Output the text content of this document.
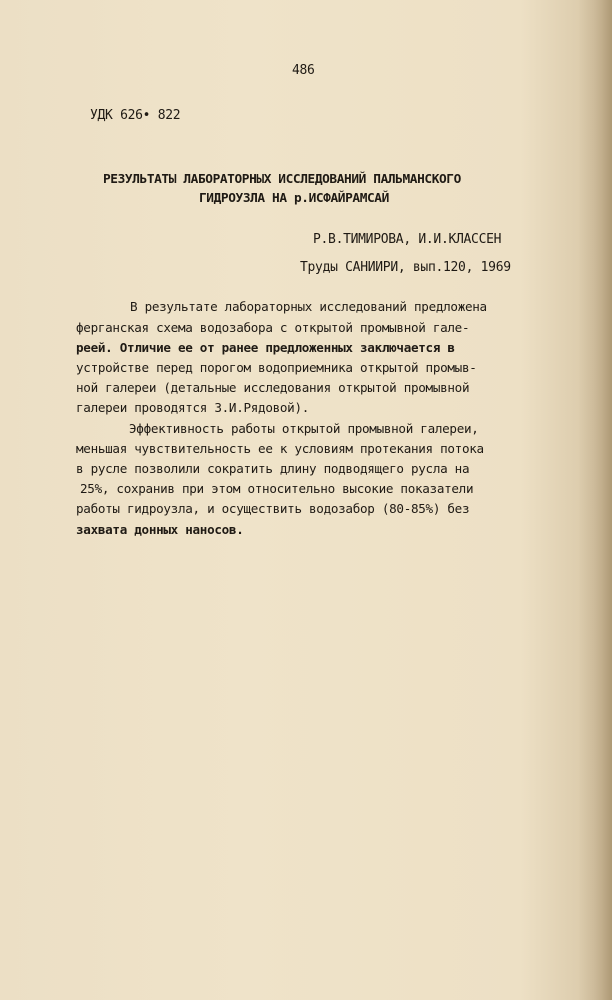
486
УДК 626• 822
РЕЗУЛЬТАТЫ ЛАБОРАТОРНЫХ ИССЛЕДОВАНИЙ ПАЛЬМАНСКОГО
ГИДРОУЗЛА НА р.ИСФАЙРАМСАЙ
Р.В.ТИМИРОВА, И.И.КЛАССЕН
Труды САНИИРИ, вып.120, 1969
В результате лабораторных исследований предложена
ферганская схема водозабора с открытой промывной гале-
реей. Отличие ее от ранее предложенных заключается в
устройстве перед порогом водоприемника открытой промыв-
ной галереи (детальные исследования открытой промывной
галереи проводятся З.И.Рядовой).
Эффективность работы открытой промывной галереи,
меньшая чувствительность ее к условиям протекания потока
в русле позволили сократить длину подводящего русла на
25%, сохранив при этом относительно высокие показатели
работы гидроузла, и осуществить водозабор (80-85%) без
захвата донных наносов.
